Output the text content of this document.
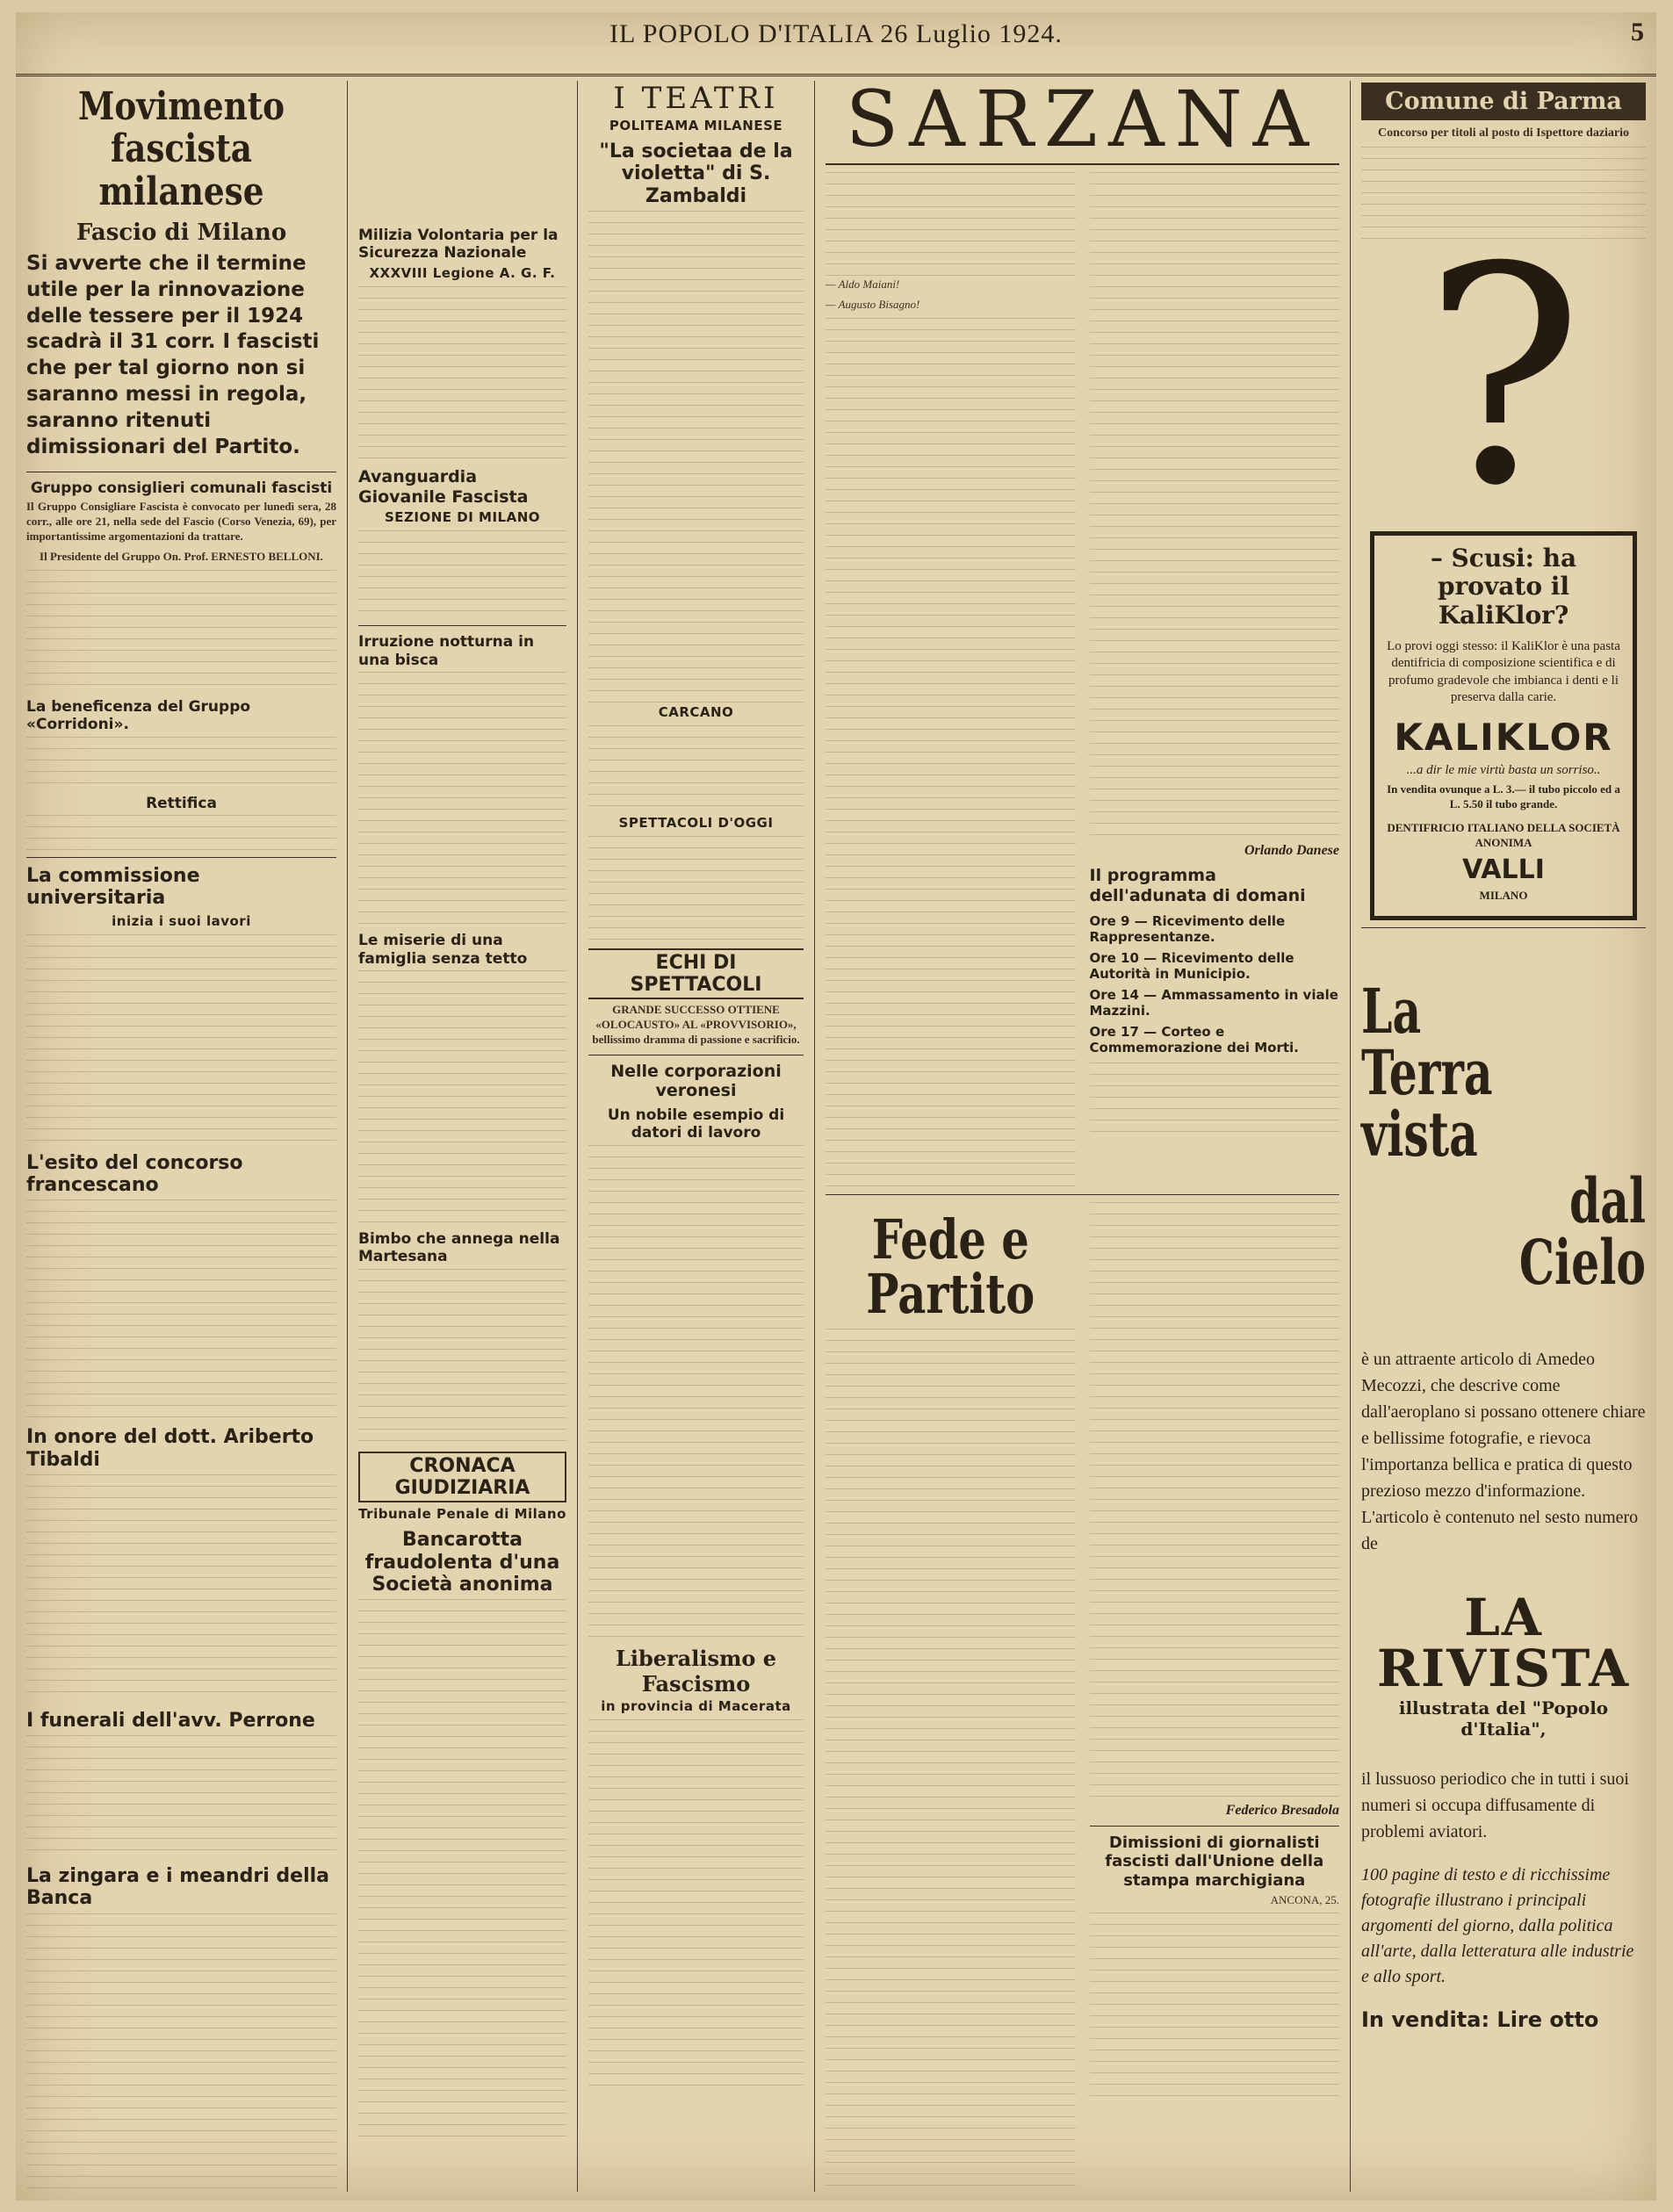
IL POPOLO D'ITALIA 26 Luglio 1924.	5
Movimento fascista milanese
Fascio di Milano
Si avverte che il termine utile per la rinnovazione delle tessere per il 1924 scadrà il 31 corr. I fascisti che per tal giorno non si saranno messi in regola, saranno ritenuti dimissionari del Partito.
Gruppo consiglieri comunali fascisti
Il Gruppo Consigliare Fascista è convocato per lunedì sera, 28 corr., alle ore 21, nella sede del Fascio (Corso Venezia, 69), per importantissime argomentazioni da trattare.
Il Presidente del Gruppo On. Prof. ERNESTO BELLONI.
La beneficenza del Gruppo «Corridoni».
Rettifica
La commissione universitaria
inizia i suoi lavori
L'esito del concorso francescano
In onore del dott. Ariberto Tibaldi
I funerali dell'avv. Perrone
La zingara e i meandri della Banca
Milizia Volontaria per la Sicurezza Nazionale
XXXVIII Legione A. G. F.
Avanguardia Giovanile Fascista
SEZIONE DI MILANO
Irruzione notturna in una bisca
Le miserie di una famiglia senza tetto
Bimbo che annega nella Martesana
CRONACA GIUDIZIARIA
Tribunale Penale di Milano
Bancarotta fraudolenta d'una Società anonima
I TEATRI
POLITEAMA MILANESE
"La societaa de la violetta" di S. Zambaldi
CARCANO
SPETTACOLI D'OGGI
ECHI DI SPETTACOLI
GRANDE SUCCESSO OTTIENE «OLOCAUSTO» AL «PROVVISORIO», bellissimo dramma di passione e sacrificio.
Nelle corporazioni veronesi
Un nobile esempio di datori di lavoro
Liberalismo e Fascismo
in provincia di Macerata
SARZANA
— Aldo Maiani!
— Augusto Bisagno!
Orlando Danese
Il programma dell'adunata di domani
Ore 9 — Ricevimento delle Rappresentanze.
Ore 10 — Ricevimento delle Autorità in Municipio.
Ore 14 — Ammassamento in viale Mazzini.
Ore 17 — Corteo e Commemorazione dei Morti.
Fede e Partito
Federico Bresadola
Dimissioni di giornalisti fascisti dall'Unione della stampa marchigiana
ANCONA, 25.
Comune di Parma
Concorso per titoli al posto di Ispettore daziario
?
– Scusi: ha provato il KaliKlor?
Lo provi oggi stesso: il KaliKlor è una pasta dentifricia di composizione scientifica e di profumo gradevole che imbianca i denti e li preserva dalla carie.
KALIKLOR
...a dir le mie virtù basta un sorriso..
In vendita ovunque a L. 3.— il tubo piccolo ed a L. 5.50 il tubo grande.
DENTIFRICIO ITALIANO DELLA SOCIETÀ ANONIMA
VALLI
MILANO
La Terra vista
dal Cielo
è un attraente articolo di Amedeo Mecozzi, che descrive come dall'aeroplano si possano ottenere chiare e bellissime fotografie, e rievoca l'importanza bellica e pratica di questo prezioso mezzo d'informazione. L'articolo è contenuto nel sesto numero de
LA RIVISTA
illustrata del "Popolo d'Italia",
il lussuoso periodico che in tutti i suoi numeri si occupa diffusamente di problemi aviatori.
100 pagine di testo e di ricchissime fotografie illustrano i principali argomenti del giorno, dalla politica all'arte, dalla letteratura alle industrie e allo sport.
In vendita: Lire otto
